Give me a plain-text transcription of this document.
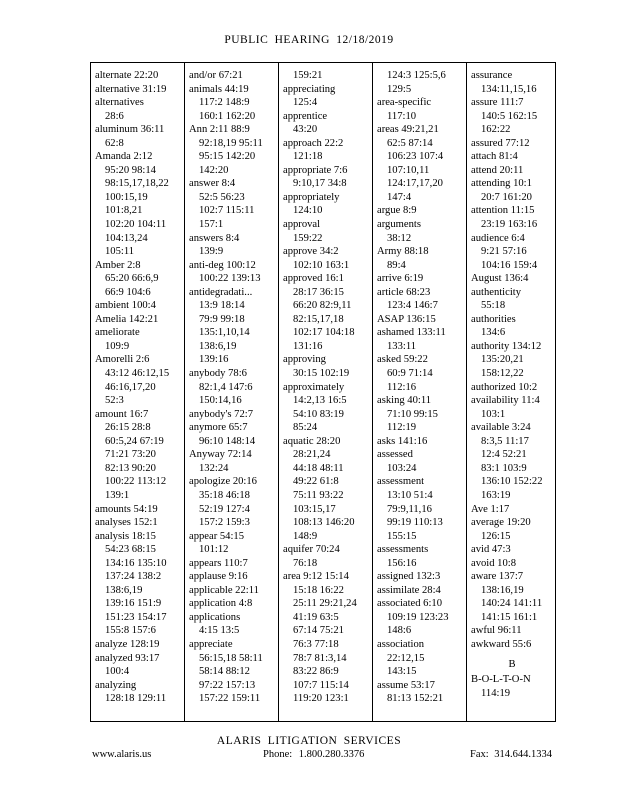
PUBLIC HEARING 12/18/2019
alternate 22:20
alternative 31:19
alternatives
28:6
aluminum 36:11
62:8
Amanda 2:12
95:20 98:14
98:15,17,18,22
100:15,19
101:8,21
102:20 104:11
104:13,24
105:11
Amber 2:8
65:20 66:6,9
66:9 104:6
ambient 100:4
Amelia 142:21
ameliorate
109:9
Amorelli 2:6
43:12 46:12,15
46:16,17,20
52:3
amount 16:7
26:15 28:8
60:5,24 67:19
71:21 73:20
82:13 90:20
100:22 113:12
139:1
amounts 54:19
analyses 152:1
analysis 18:15
54:23 68:15
134:16 135:10
137:24 138:2
138:6,19
139:16 151:9
151:23 154:17
155:8 157:6
analyze 128:19
analyzed 93:17
100:4
analyzing
128:18 129:11
and/or 67:21
animals 44:19
117:2 148:9
160:1 162:20
Ann 2:11 88:9
92:18,19 95:11
95:15 142:20
142:20
answer 8:4
52:5 56:23
102:7 115:11
157:1
answers 8:4
139:9
anti-deg 100:12
100:22 139:13
antidegradati...
13:9 18:14
79:9 99:18
135:1,10,14
138:6,19
139:16
anybody 78:6
82:1,4 147:6
150:14,16
anybody's 72:7
anymore 65:7
96:10 148:14
Anyway 72:14
132:24
apologize 20:16
35:18 46:18
52:19 127:4
157:2 159:3
appear 54:15
101:12
appears 110:7
applause 9:16
applicable 22:11
application 4:8
applications
4:15 13:5
appreciate
56:15,18 58:11
58:14 88:12
97:22 157:13
157:22 159:11
159:21
appreciating
125:4
apprentice
43:20
approach 22:2
121:18
appropriate 7:6
9:10,17 34:8
appropriately
124:10
approval
159:22
approve 34:2
102:10 163:1
approved 16:1
28:17 36:15
66:20 82:9,11
82:15,17,18
102:17 104:18
131:16
approving
30:15 102:19
approximately
14:2,13 16:5
54:10 83:19
85:24
aquatic 28:20
28:21,24
44:18 48:11
49:22 61:8
75:11 93:22
103:15,17
108:13 146:20
148:9
aquifer 70:24
76:18
area 9:12 15:14
15:18 16:22
25:11 29:21,24
41:19 63:5
67:14 75:21
76:3 77:18
78:7 81:3,14
83:22 86:9
107:7 115:14
119:20 123:1
124:3 125:5,6
129:5
area-specific
117:10
areas 49:21,21
62:5 87:14
106:23 107:4
107:10,11
124:17,17,20
147:4
argue 8:9
arguments
38:12
Army 88:18
89:4
arrive 6:19
article 68:23
123:4 146:7
ASAP 136:15
ashamed 133:11
133:11
asked 59:22
60:9 71:14
112:16
asking 40:11
71:10 99:15
112:19
asks 141:16
assessed
103:24
assessment
13:10 51:4
79:9,11,16
99:19 110:13
155:15
assessments
156:16
assigned 132:3
assimilate 28:4
associated 6:10
109:19 123:23
148:6
association
22:12,15
143:15
assume 53:17
81:13 152:21
assurance
134:11,15,16
assure 111:7
140:5 162:15
162:22
assured 77:12
attach 81:4
attend 20:11
attending 10:1
20:7 161:20
attention 11:15
23:19 163:16
audience 6:4
9:21 57:16
104:16 159:4
August 136:4
authenticity
55:18
authorities
134:6
authority 134:12
135:20,21
158:12,22
authorized 10:2
availability 11:4
103:1
available 3:24
8:3,5 11:17
12:4 52:21
83:1 103:9
136:10 152:22
163:19
Ave 1:17
average 19:20
126:15
avid 47:3
avoid 10:8
aware 137:7
138:16,19
140:24 141:11
141:15 161:1
awful 96:11
awkward 55:6
B
B-O-L-T-O-N
114:19
ALARIS LITIGATION SERVICES
www.alaris.us	Phone: 1.800.280.3376	Fax: 314.644.1334
